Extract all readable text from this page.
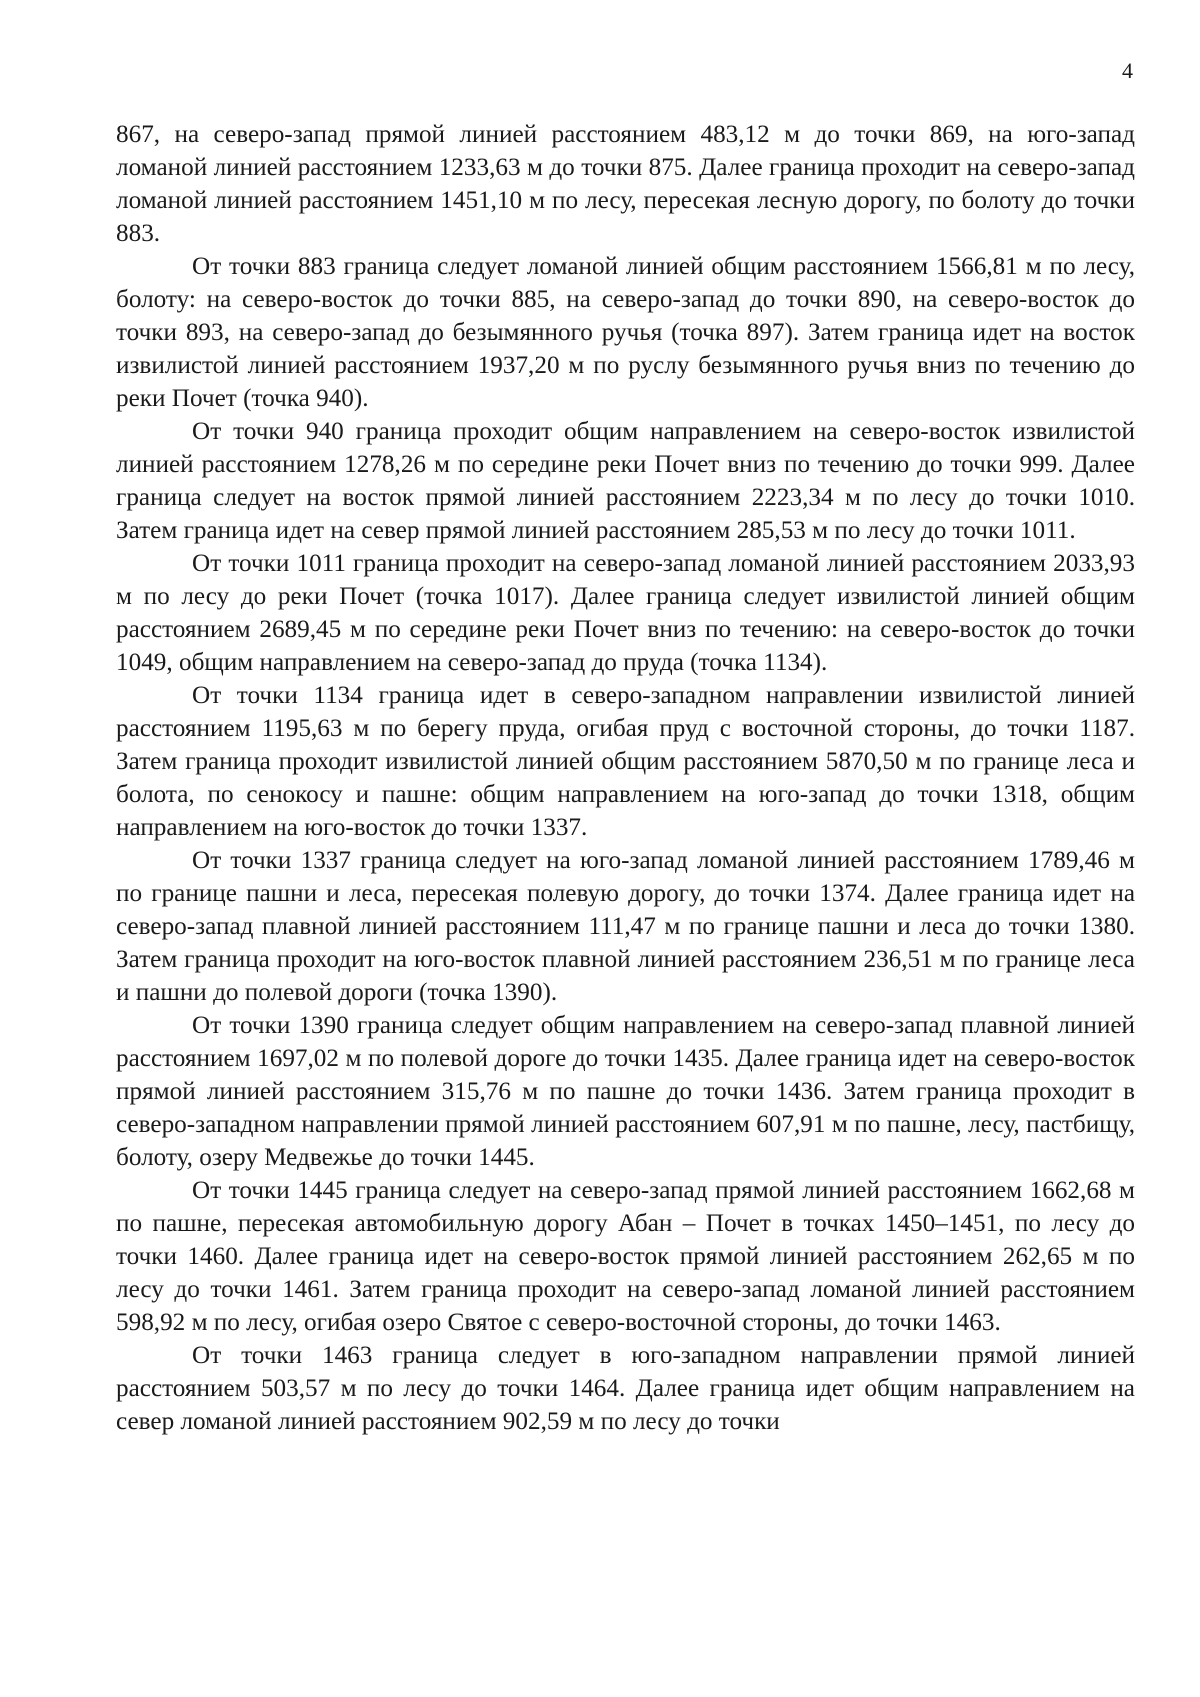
4

867, на северо-запад прямой линией расстоянием 483,12 м до точки 869, на юго-запад ломаной линией расстоянием 1233,63 м до точки 875. Далее граница проходит на северо-запад ломаной линией расстоянием 1451,10 м по лесу, пересекая лесную дорогу, по болоту до точки 883.

От точки 883 граница следует ломаной линией общим расстоянием 1566,81 м по лесу, болоту: на северо-восток до точки 885, на северо-запад до точки 890, на северо-восток до точки 893, на северо-запад до безымянного ручья (точка 897). Затем граница идет на восток извилистой линией расстоянием 1937,20 м по руслу безымянного ручья вниз по течению до реки Почет (точка 940).

От точки 940 граница проходит общим направлением на северо-восток извилистой линией расстоянием 1278,26 м по середине реки Почет вниз по течению до точки 999. Далее граница следует на восток прямой линией расстоянием 2223,34 м по лесу до точки 1010. Затем граница идет на север прямой линией расстоянием 285,53 м по лесу до точки 1011.

От точки 1011 граница проходит на северо-запад ломаной линией расстоянием 2033,93 м по лесу до реки Почет (точка 1017). Далее граница следует извилистой линией общим расстоянием 2689,45 м по середине реки Почет вниз по течению: на северо-восток до точки 1049, общим направлением на северо-запад до пруда (точка 1134).

От точки 1134 граница идет в северо-западном направлении извилистой линией расстоянием 1195,63 м по берегу пруда, огибая пруд с восточной стороны, до точки 1187. Затем граница проходит извилистой линией общим расстоянием 5870,50 м по границе леса и болота, по сенокосу и пашне: общим направлением на юго-запад до точки 1318, общим направлением на юго-восток до точки 1337.

От точки 1337 граница следует на юго-запад ломаной линией расстоянием 1789,46 м по границе пашни и леса, пересекая полевую дорогу, до точки 1374. Далее граница идет на северо-запад плавной линией расстоянием 111,47 м по границе пашни и леса до точки 1380. Затем граница проходит на юго-восток плавной линией расстоянием 236,51 м по границе леса и пашни до полевой дороги (точка 1390).

От точки 1390 граница следует общим направлением на северо-запад плавной линией расстоянием 1697,02 м по полевой дороге до точки 1435. Далее граница идет на северо-восток прямой линией расстоянием 315,76 м по пашне до точки 1436. Затем граница проходит в северо-западном направлении прямой линией расстоянием 607,91 м по пашне, лесу, пастбищу, болоту, озеру Медвежье до точки 1445.

От точки 1445 граница следует на северо-запад прямой линией расстоянием 1662,68 м по пашне, пересекая автомобильную дорогу Абан – Почет в точках 1450–1451, по лесу до точки 1460. Далее граница идет на северо-восток прямой линией расстоянием 262,65 м по лесу до точки 1461. Затем граница проходит на северо-запад ломаной линией расстоянием 598,92 м по лесу, огибая озеро Святое с северо-восточной стороны, до точки 1463.

От точки 1463 граница следует в юго-западном направлении прямой линией расстоянием 503,57 м по лесу до точки 1464. Далее граница идет общим направлением на север ломаной линией расстоянием 902,59 м по лесу до точки
